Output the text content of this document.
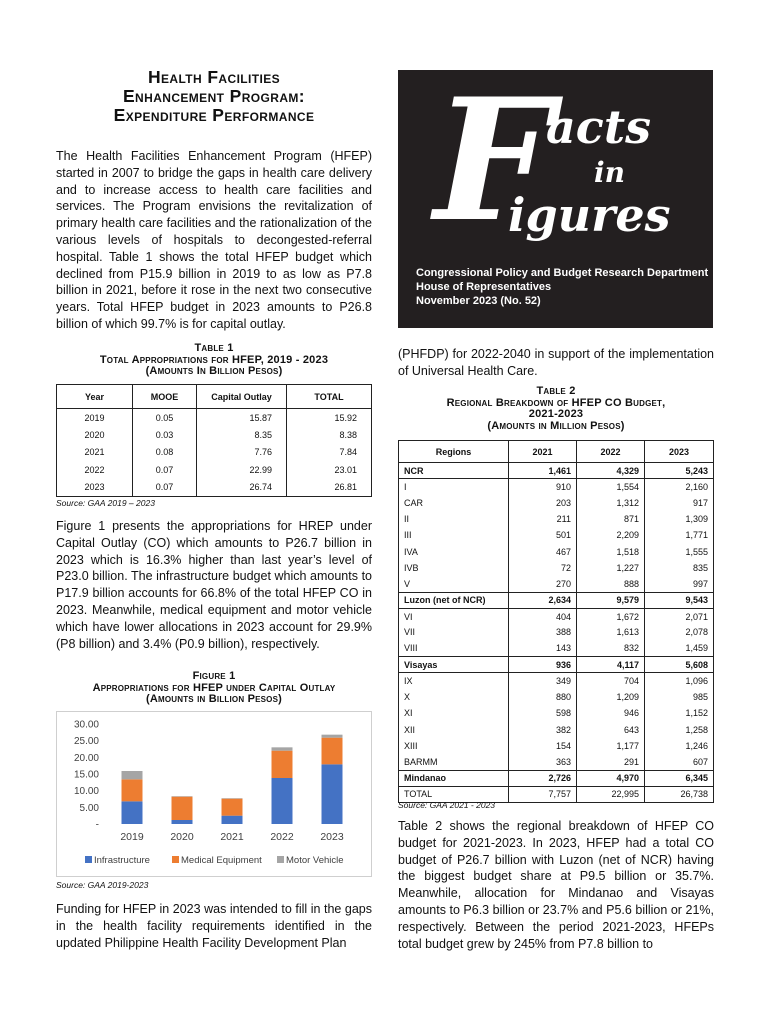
Health Facilities
Enhancement Program:
Expenditure Performance

The Health Facilities Enhancement Program (HFEP) started in 2007 to bridge the gaps in health care delivery and to increase access to health care facilities and services. The Program envisions the revitalization of primary health care facilities and the rationalization of the various levels of hospitals to decongested-referral hospital. Table 1 shows the total HFEP budget which declined from P15.9 billion in 2019 to as low as P7.8 billion in 2021, before it rose in the next two consecutive years. Total HFEP budget in 2023 amounts to P26.8 billion of which 99.7% is for capital outlay.

F
acts
in
igures
Congressional Policy and Budget Research Department
House of Representatives
November 2023 (No. 52)
Table 1
Total Appropriations for HFEP, 2019 - 2023
(Amounts In Billion Pesos)
Year	MOOE	Capital Outlay	TOTAL
2019	0.05	15.87	15.92
2020	0.03	8.35	8.38
2021	0.08	7.76	7.84
2022	0.07	22.99	23.01
2023	0.07	26.74	26.81
Source: GAA 2019 – 2023

Figure 1 presents the appropriations for HREP under Capital Outlay (CO) which amounts to P26.7 billion in 2023 which is 16.3% higher than last year’s level of P23.0 billion. The infrastructure budget which amounts to P17.9 billion accounts for 66.8% of the total HFEP CO in 2023. Meanwhile, medical equipment and motor vehicle which have lower allocations in 2023 account for 29.9% (P8 billion) and 3.4% (P0.9 billion), respectively.

Figure 1
Appropriations for HFEP under Capital Outlay
(Amounts in Billion Pesos)
-
5.00
10.00
15.00
20.00
25.00
30.00
2019	2020	2021	2022	2023
Infrastructure	Medical Equipment	Motor Vehicle
Source: GAA 2019-2023

Funding for HFEP in 2023 was intended to fill in the gaps in the health facility requirements identified in the updated Philippine Health Facility Development Plan

(PHFDP) for 2022-2040 in support of the implementation of Universal Health Care.

Table 2
Regional Breakdown of HFEP CO Budget,
2021-2023
(Amounts in Million Pesos)
Regions	2021	2022	2023
NCR	1,461	4,329	5,243
I	910	1,554	2,160
CAR	203	1,312	917
II	211	871	1,309
III	501	2,209	1,771
IVA	467	1,518	1,555
IVB	72	1,227	835
V	270	888	997
Luzon (net of NCR)	2,634	9,579	9,543
VI	404	1,672	2,071
VII	388	1,613	2,078
VIII	143	832	1,459
Visayas	936	4,117	5,608
IX	349	704	1,096
X	880	1,209	985
XI	598	946	1,152
XII	382	643	1,258
XIII	154	1,177	1,246
BARMM	363	291	607
Mindanao	2,726	4,970	6,345
TOTAL	7,757	22,995	26,738
Source: GAA 2021 - 2023

Table 2 shows the regional breakdown of HFEP CO budget for 2021-2023. In 2023, HFEP had a total CO budget of P26.7 billion with Luzon (net of NCR) having the biggest budget share at P9.5 billion or 35.7%. Meanwhile, allocation for Mindanao and Visayas amounts to P6.3 billion or 23.7% and P5.6 billion or 21%, respectively. Between the period 2021-2023, HFEPs total budget grew by 245% from P7.8 billion to
